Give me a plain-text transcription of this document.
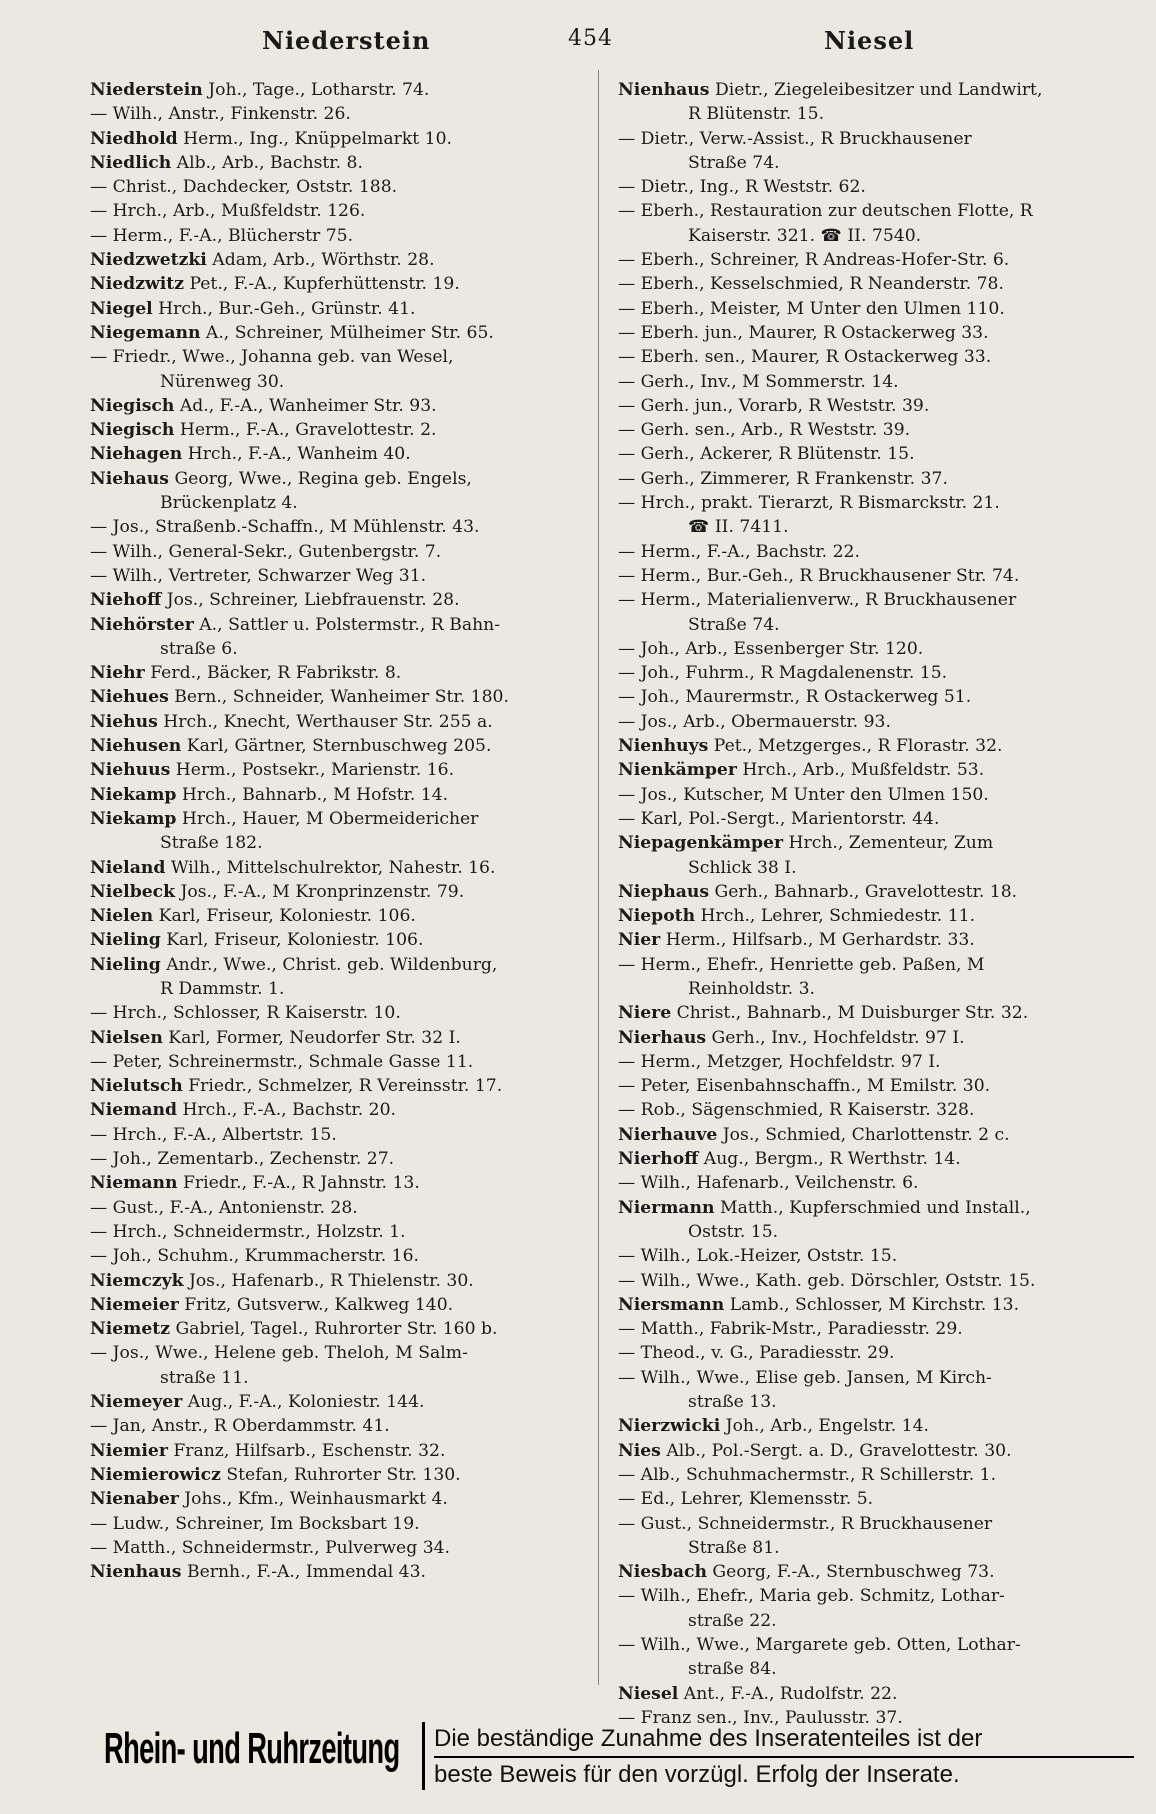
Niederstein	454	Niesel
Niederstein Joh., Tage., Lotharstr. 74.
— Wilh., Anstr., Finkenstr. 26.
Niedhold Herm., Ing., Knüppelmarkt 10.
Niedlich Alb., Arb., Bachstr. 8.
— Christ., Dachdecker, Oststr. 188.
— Hrch., Arb., Mußfeldstr. 126.
— Herm., F.-A., Blücherstr 75.
Niedzwetzki Adam, Arb., Wörthstr. 28.
Niedzwitz Pet., F.-A., Kupferhüttenstr. 19.
Niegel Hrch., Bur.-Geh., Grünstr. 41.
Niegemann A., Schreiner, Mülheimer Str. 65.
— Friedr., Wwe., Johanna geb. van Wesel,
Nürenweg 30.
Niegisch Ad., F.-A., Wanheimer Str. 93.
Niegisch Herm., F.-A., Gravelottestr. 2.
Niehagen Hrch., F.-A., Wanheim 40.
Niehaus Georg, Wwe., Regina geb. Engels,
Brückenplatz 4.
— Jos., Straßenb.-Schaffn., M Mühlenstr. 43.
— Wilh., General-Sekr., Gutenbergstr. 7.
— Wilh., Vertreter, Schwarzer Weg 31.
Niehoff Jos., Schreiner, Liebfrauenstr. 28.
Niehörster A., Sattler u. Polstermstr., R Bahn-
straße 6.
Niehr Ferd., Bäcker, R Fabrikstr. 8.
Niehues Bern., Schneider, Wanheimer Str. 180.
Niehus Hrch., Knecht, Werthauser Str. 255 a.
Niehusen Karl, Gärtner, Sternbuschweg 205.
Niehuus Herm., Postsekr., Marienstr. 16.
Niekamp Hrch., Bahnarb., M Hofstr. 14.
Niekamp Hrch., Hauer, M Obermeidericher
Straße 182.
Nieland Wilh., Mittelschulrektor, Nahestr. 16.
Nielbeck Jos., F.-A., M Kronprinzenstr. 79.
Nielen Karl, Friseur, Koloniestr. 106.
Nieling Karl, Friseur, Koloniestr. 106.
Nieling Andr., Wwe., Christ. geb. Wildenburg,
R Dammstr. 1.
— Hrch., Schlosser, R Kaiserstr. 10.
Nielsen Karl, Former, Neudorfer Str. 32 I.
— Peter, Schreinermstr., Schmale Gasse 11.
Nielutsch Friedr., Schmelzer, R Vereinsstr. 17.
Niemand Hrch., F.-A., Bachstr. 20.
— Hrch., F.-A., Albertstr. 15.
— Joh., Zementarb., Zechenstr. 27.
Niemann Friedr., F.-A., R Jahnstr. 13.
— Gust., F.-A., Antonienstr. 28.
— Hrch., Schneidermstr., Holzstr. 1.
— Joh., Schuhm., Krummacherstr. 16.
Niemczyk Jos., Hafenarb., R Thielenstr. 30.
Niemeier Fritz, Gutsverw., Kalkweg 140.
Niemetz Gabriel, Tagel., Ruhrorter Str. 160 b.
— Jos., Wwe., Helene geb. Theloh, M Salm-
straße 11.
Niemeyer Aug., F.-A., Koloniestr. 144.
— Jan, Anstr., R Oberdammstr. 41.
Niemier Franz, Hilfsarb., Eschenstr. 32.
Niemierowicz Stefan, Ruhrorter Str. 130.
Nienaber Johs., Kfm., Weinhausmarkt 4.
— Ludw., Schreiner, Im Bocksbart 19.
— Matth., Schneidermstr., Pulverweg 34.
Nienhaus Bernh., F.-A., Immendal 43.
Nienhaus Dietr., Ziegeleibesitzer und Landwirt,
R Blütenstr. 15.
— Dietr., Verw.-Assist., R Bruckhausener
Straße 74.
— Dietr., Ing., R Weststr. 62.
— Eberh., Restauration zur deutschen Flotte, R
Kaiserstr. 321. ☎ II. 7540.
— Eberh., Schreiner, R Andreas-Hofer-Str. 6.
— Eberh., Kesselschmied, R Neanderstr. 78.
— Eberh., Meister, M Unter den Ulmen 110.
— Eberh. jun., Maurer, R Ostackerweg 33.
— Eberh. sen., Maurer, R Ostackerweg 33.
— Gerh., Inv., M Sommerstr. 14.
— Gerh. jun., Vorarb, R Weststr. 39.
— Gerh. sen., Arb., R Weststr. 39.
— Gerh., Ackerer, R Blütenstr. 15.
— Gerh., Zimmerer, R Frankenstr. 37.
— Hrch., prakt. Tierarzt, R Bismarckstr. 21.
☎ II. 7411.
— Herm., F.-A., Bachstr. 22.
— Herm., Bur.-Geh., R Bruckhausener Str. 74.
— Herm., Materialienverw., R Bruckhausener
Straße 74.
— Joh., Arb., Essenberger Str. 120.
— Joh., Fuhrm., R Magdalenenstr. 15.
— Joh., Maurermstr., R Ostackerweg 51.
— Jos., Arb., Obermauerstr. 93.
Nienhuys Pet., Metzgerges., R Florastr. 32.
Nienkämper Hrch., Arb., Mußfeldstr. 53.
— Jos., Kutscher, M Unter den Ulmen 150.
— Karl, Pol.-Sergt., Marientorstr. 44.
Niepagenkämper Hrch., Zementeur, Zum
Schlick 38 I.
Niephaus Gerh., Bahnarb., Gravelottestr. 18.
Niepoth Hrch., Lehrer, Schmiedestr. 11.
Nier Herm., Hilfsarb., M Gerhardstr. 33.
— Herm., Ehefr., Henriette geb. Paßen, M
Reinholdstr. 3.
Niere Christ., Bahnarb., M Duisburger Str. 32.
Nierhaus Gerh., Inv., Hochfeldstr. 97 I.
— Herm., Metzger, Hochfeldstr. 97 I.
— Peter, Eisenbahnschaffn., M Emilstr. 30.
— Rob., Sägenschmied, R Kaiserstr. 328.
Nierhauve Jos., Schmied, Charlottenstr. 2 c.
Nierhoff Aug., Bergm., R Werthstr. 14.
— Wilh., Hafenarb., Veilchenstr. 6.
Niermann Matth., Kupferschmied und Install.,
Oststr. 15.
— Wilh., Lok.-Heizer, Oststr. 15.
— Wilh., Wwe., Kath. geb. Dörschler, Oststr. 15.
Niersmann Lamb., Schlosser, M Kirchstr. 13.
— Matth., Fabrik-Mstr., Paradiesstr. 29.
— Theod., v. G., Paradiesstr. 29.
— Wilh., Wwe., Elise geb. Jansen, M Kirch-
straße 13.
Nierzwicki Joh., Arb., Engelstr. 14.
Nies Alb., Pol.-Sergt. a. D., Gravelottestr. 30.
— Alb., Schuhmachermstr., R Schillerstr. 1.
— Ed., Lehrer, Klemensstr. 5.
— Gust., Schneidermstr., R Bruckhausener
Straße 81.
Niesbach Georg, F.-A., Sternbuschweg 73.
— Wilh., Ehefr., Maria geb. Schmitz, Lothar-
straße 22.
— Wilh., Wwe., Margarete geb. Otten, Lothar-
straße 84.
Niesel Ant., F.-A., Rudolfstr. 22.
— Franz sen., Inv., Paulusstr. 37.
Rhein- und Ruhrzeitung Die beständige Zunahme des Inseratenteiles ist der
beste Beweis für den vorzügl. Erfolg der Inserate.
